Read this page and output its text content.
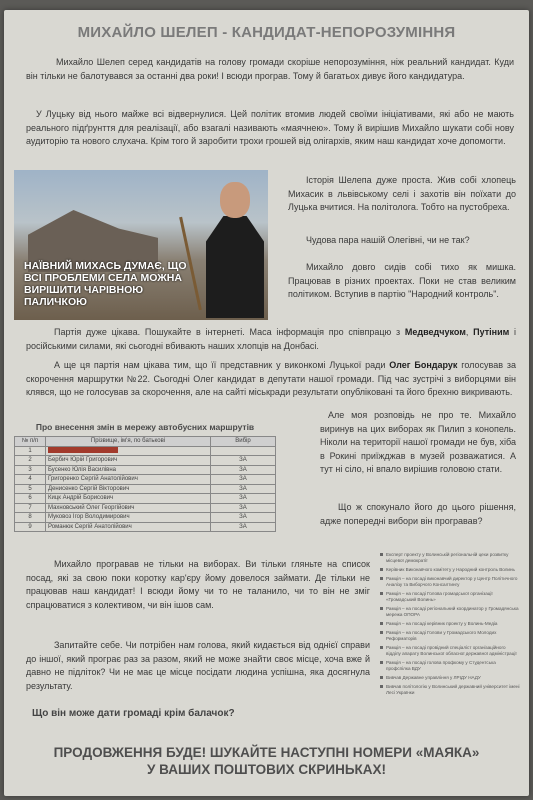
МИХАЙЛО ШЕЛЕП - КАНДИДАТ-НЕПОРОЗУМІННЯ
Михайло Шелеп серед кандидатів на голову громади скоріше непорозуміння, ніж реальний кандидат. Куди він тільки не балотувався за останні два роки! І всюди програв. Тому й багатьох дивує його кандидатура.
У Луцьку від нього майже всі відвернулися. Цей політик втомив людей своїми ініціативами, які або не мають реального підґрунття для реалізації, або взагалі називають «маячнею». Тому й вирішив Михайло шукати собі нову аудиторію та нового слухача. Крім того й заробити трохи грошей від олігархів, яким наш кандидат хоче допомогти.
НАЇВНИЙ МИХАСЬ ДУМАЄ, ЩО ВСІ ПРОБЛЕМИ СЕЛА МОЖНА ВИРІШИТИ ЧАРІВНОЮ ПАЛИЧКОЮ
Історія Шелепа дуже проста. Жив собі хлопець Михасик в львівському селі і захотів він поїхати до Луцька вчитися. На політолога. Тобто на пустобреха.
Чудова пара нашій Олегівні, чи не так?
Михайло довго сидів собі тихо як мишка. Працював в різних проектах. Поки не став великим політиком. Вступив в партію "Народний контроль".
Партія дуже цікава. Пошукайте в інтернеті. Маса інформація про співпрацю з Медведчуком, Путіним і російськими силами, які сьогодні вбивають наших хлопців на Донбасі.
А ще ця партія нам цікава тим, що її представник у виконкомі Луцької ради Олег Бондарук голосував за скорочення маршрутки №22. Сьогодні Олег кандидат в депутати нашої громади. Під час зустрічі з виборцями він клявся, що не голосував за скорочення, але на сайті міськради результати опубліковані та його брехню викривають.
Про внесення змін в мережу автобусних маршрутів
№ п/п	Прізвище, ім'я, по батькові	Вибір
1		
2	Бербич Юрій Григорович	ЗА
3	Бусенко Юлія Василівна	ЗА
4	Григоренко Сергій Анатолійович	ЗА
5	Денисенко Сергій Вікторович	ЗА
6	Кицк Андрій Борисович	ЗА
7	Махновський Олег Георгійович	ЗА
8	Муковоз Ігор Володимирович	ЗА
9	Романюк Сергій Анатолійович	ЗА
Але моя розповідь не про те. Михайло виринув на цих виборах як Пилип з конопель. Ніколи на території нашої громади не був, хіба в Рокині приїжджав в музей розважатися. А тут ні сіло, ні впало вирішив головою стати.
Що ж спокунало його до цього рішення, адже попередні вибори він програвав?
Михайло програвав не тільки на виборах. Ви тільки гляньте на список посад, які за свою поки коротку кар'єру йому довелося займати. Де тільки не працював наш кандидат! І всюди йому чи то не таланило, чи то він не зміг спрацюватися з колективом, чи він ішов сам.
Запитайте себе. Чи потрібен нам голова, який кидається від однієї справи до іншої, який програє раз за разом, який не може знайти своє місце, хоча вже й давно не підліток? Чи не має це місце посідати людина успішна, яка досягнула результату.
Що він може дати громаді крім балачок?
Експерт проекту у Волинській регіональній цехи розвитку місцевої демократії
Керівник Виконавчого комітету у Народний контроль Волинь
Рамція – на посаді виконавчий директор у Центр Політичного Аналізу та Виборчого Консалтингу
Рамція – на посаді Голова громадської організації «Громадський Волинь»
Рамція – на посаді регіональний координатор у Громадянська мережа ОПОРА
Рамція – на посаді керівник проекту у Волинь-Медіа
Рамція – на посаді Голови у Громадського Молодих Реформаторів
Рамція – на посаді провідний спеціаліст організаційного відділу апарату Волинської обласної державної адміністрації
Рамція – на посаді голова профкому у Студентська профспілка ВДУ
Вивчав Державне управління у ЛРІДУ НАДУ
Вивчав політологію у Волинський державний університет імені Лесі Українки
ПРОДОВЖЕННЯ БУДЕ! ШУКАЙТЕ НАСТУПНІ НОМЕРИ «МАЯКА»
У ВАШИХ ПОШТОВИХ СКРИНЬКАХ!
